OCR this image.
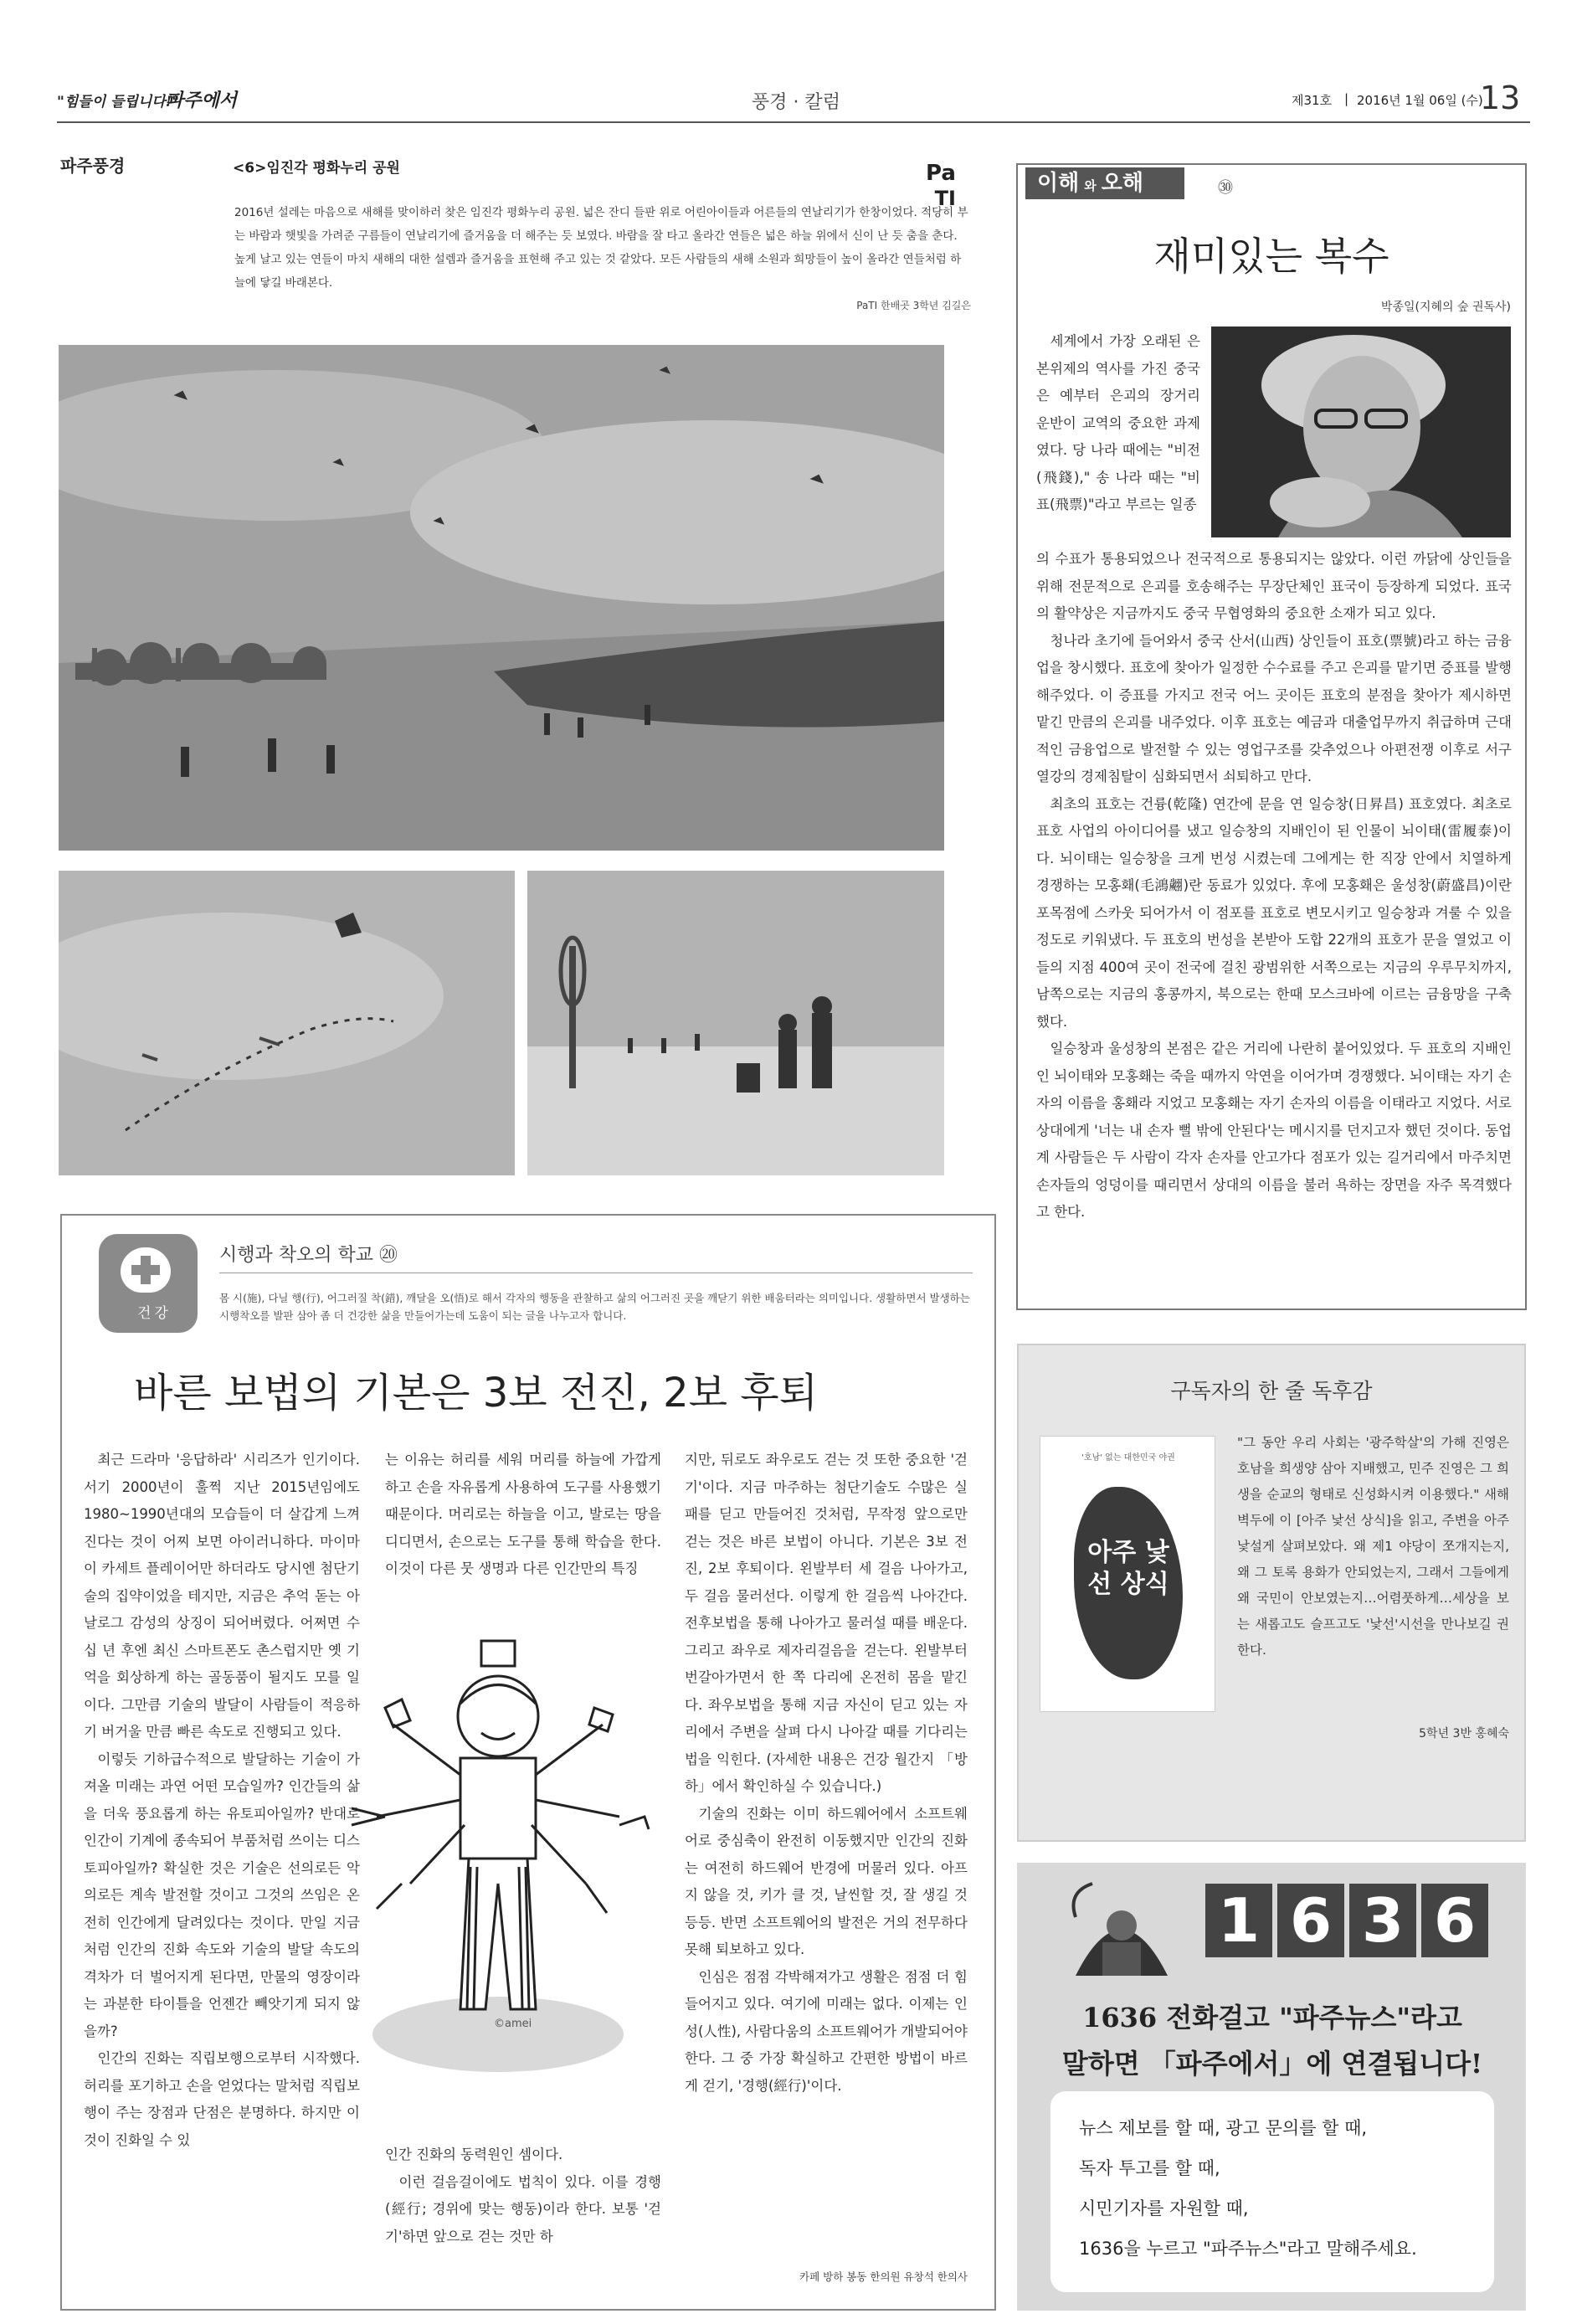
"힘들이 들립니다!"
파주에서	풍경 · 칼럼	제31호 | 2016년 1월 06일 (수)
13
파주풍경	<6>임진각 평화누리 공원	Pa
TI
2016년 설레는 마음으로 새해를 맞이하러 찾은 임진각 평화누리 공원. 넓은 잔디 들판 위로 어린아이들과 어른들의 연날리기가 한창이었다. 적당히 부는 바람과 햇빛을 가려준 구름들이 연날리기에 즐거움을 더 해주는 듯 보였다. 바람을 잘 타고 올라간 연들은 넓은 하늘 위에서 신이 난 듯 춤을 춘다. 높게 날고 있는 연들이 마치 새해의 대한 설렘과 즐거움을 표현해 주고 있는 것 같았다. 모든 사람들의 새해 소원과 희망들이 높이 올라간 연들처럼 하늘에 닿길 바래본다.
PaTI 한배곳 3학년 김길은
이해 와 오해	㉚
재미있는 복수
박종일(지혜의 숲 권독사)
세계에서 가장 오래된 은본위제의 역사를 가진 중국은 예부터 은괴의 장거리 운반이 교역의 중요한 과제였다. 당 나라 때에는 "비전(飛錢)," 송 나라 때는 "비표(飛票)"라고 부르는 일종
의 수표가 통용되었으나 전국적으로 통용되지는 않았다. 이런 까닭에 상인들을 위해 전문적으로 은괴를 호송해주는 무장단체인 표국이 등장하게 되었다. 표국의 활약상은 지금까지도 중국 무협영화의 중요한 소재가 되고 있다.

청나라 초기에 들어와서 중국 산서(山西) 상인들이 표호(票號)라고 하는 금융업을 창시했다. 표호에 찾아가 일정한 수수료를 주고 은괴를 맡기면 증표를 발행해주었다. 이 증표를 가지고 전국 어느 곳이든 표호의 분점을 찾아가 제시하면 맡긴 만큼의 은괴를 내주었다. 이후 표호는 예금과 대출업무까지 취급하며 근대적인 금융업으로 발전할 수 있는 영업구조를 갖추었으나 아편전쟁 이후로 서구열강의 경제침탈이 심화되면서 쇠퇴하고 만다.

최초의 표호는 건륭(乾隆) 연간에 문을 연 일승창(日昇昌) 표호였다. 최초로 표호 사업의 아이디어를 냈고 일승창의 지배인이 된 인물이 뇌이태(雷履泰)이다. 뇌이태는 일승창을 크게 번성 시켰는데 그에게는 한 직장 안에서 치열하게 경쟁하는 모홍홰(毛鴻翽)란 동료가 있었다. 후에 모홍홰은 울성창(蔚盛昌)이란 포목점에 스카웃 되어가서 이 점포를 표호로 변모시키고 일승창과 겨룰 수 있을 정도로 키워냈다. 두 표호의 번성을 본받아 도합 22개의 표호가 문을 열었고 이들의 지점 400여 곳이 전국에 걸친 광범위한 서쪽으로는 지금의 우루무치까지, 남쪽으로는 지금의 홍콩까지, 북으로는 한때 모스크바에 이르는 금융망을 구축했다.

일승창과 울성창의 본점은 같은 거리에 나란히 붙어있었다. 두 표호의 지배인인 뇌이태와 모홍홰는 죽을 때까지 악연을 이어가며 경쟁했다. 뇌이태는 자기 손자의 이름을 홍홰라 지었고 모홍홰는 자기 손자의 이름을 이태라고 지었다. 서로 상대에게 '너는 내 손자 뻘 밖에 안된다'는 메시지를 던지고자 했던 것이다. 동업계 사람들은 두 사람이 각자 손자를 안고가다 점포가 있는 길거리에서 마주치면 손자들의 엉덩이를 때리면서 상대의 이름을 불러 욕하는 장면을 자주 목격했다고 한다.

건강
시행과 착오의 학교 ⑳
몸 시(施), 다닐 행(行), 어그러질 착(錯), 깨달을 오(悟)로 해서 각자의 행동을 관찰하고 삶의 어그러진 곳을 깨닫기 위한 배움터라는 의미입니다. 생활하면서 발생하는 시행착오를 발판 삼아 좀 더 건강한 삶을 만들어가는데 도움이 되는 글을 나누고자 합니다.
바른 보법의 기본은 3보 전진, 2보 후퇴

최근 드라마 '응답하라' 시리즈가 인기이다. 서기 2000년이 훌쩍 지난 2015년임에도 1980~1990년대의 모습들이 더 살갑게 느껴진다는 것이 어찌 보면 아이러니하다. 마이마이 카세트 플레이어만 하더라도 당시엔 첨단기술의 집약이었을 테지만, 지금은 추억 돋는 아날로그 감성의 상징이 되어버렸다. 어쩌면 수십 년 후엔 최신 스마트폰도 촌스럽지만 옛 기억을 회상하게 하는 골동품이 될지도 모를 일이다. 그만큼 기술의 발달이 사람들이 적응하기 버거울 만큼 빠른 속도로 진행되고 있다.

이렇듯 기하급수적으로 발달하는 기술이 가져올 미래는 과연 어떤 모습일까? 인간들의 삶을 더욱 풍요롭게 하는 유토피아일까? 반대로 인간이 기계에 종속되어 부품처럼 쓰이는 디스토피아일까? 확실한 것은 기술은 선의로든 악의로든 계속 발전할 것이고 그것의 쓰임은 온전히 인간에게 달려있다는 것이다. 만일 지금처럼 인간의 진화 속도와 기술의 발달 속도의 격차가 더 벌어지게 된다면, 만물의 영장이라는 과분한 타이틀을 언젠간 빼앗기게 되지 않을까?

인간의 진화는 직립보행으로부터 시작했다. 허리를 포기하고 손을 얻었다는 말처럼 직립보행이 주는 장점과 단점은 분명하다. 하지만 이것이 진화일 수 있

는 이유는 허리를 세워 머리를 하늘에 가깝게 하고 손을 자유롭게 사용하여 도구를 사용했기 때문이다. 머리로는 하늘을 이고, 발로는 땅을 디디면서, 손으로는 도구를 통해 학습을 한다. 이것이 다른 뭇 생명과 다른 인간만의 특징
©amei
인간 진화의 동력원인 셈이다.

이런 걸음걸이에도 법칙이 있다. 이를 경행(經行; 경위에 맞는 행동)이라 한다. 보통 '걷기'하면 앞으로 걷는 것만 하

지만, 뒤로도 좌우로도 걷는 것 또한 중요한 '걷기'이다. 지금 마주하는 첨단기술도 수많은 실패를 딛고 만들어진 것처럼, 무작정 앞으로만 걷는 것은 바른 보법이 아니다. 기본은 3보 전진, 2보 후퇴이다. 왼발부터 세 걸음 나아가고, 두 걸음 물러선다. 이렇게 한 걸음씩 나아간다. 전후보법을 통해 나아가고 물러설 때를 배운다. 그리고 좌우로 제자리걸음을 걷는다. 왼발부터 번갈아가면서 한 쪽 다리에 온전히 몸을 맡긴다. 좌우보법을 통해 지금 자신이 딛고 있는 자리에서 주변을 살펴 다시 나아갈 때를 기다리는 법을 익힌다. (자세한 내용은 건강 월간지 「방하」에서 확인하실 수 있습니다.)

기술의 진화는 이미 하드웨어에서 소프트웨어로 중심축이 완전히 이동했지만 인간의 진화는 여전히 하드웨어 반경에 머물러 있다. 아프지 않을 것, 키가 클 것, 날씬할 것, 잘 생길 것 등등. 반면 소프트웨어의 발전은 거의 전무하다 못해 퇴보하고 있다.

인심은 점점 각박해져가고 생활은 점점 더 힘들어지고 있다. 여기에 미래는 없다. 이제는 인성(人性), 사람다움의 소프트웨어가 개발되어야 한다. 그 중 가장 확실하고 간편한 방법이 바르게 걷기, '경행(經行)'이다.

카페 방하 봉동 한의원 유창석 한의사
구독자의 한 줄 독후감
'호남' 없는 대한민국 야권
아주 낯선 상식
"그 동안 우리 사회는 '광주학살'의 가해 진영은 호남을 희생양 삼아 지배했고, 민주 진영은 그 희생을 순교의 형태로 신성화시켜 이용했다." 새해 벽두에 이 [아주 낯선 상식]을 읽고, 주변을 아주 낯설게 살펴보았다. 왜 제1 야당이 쪼개지는지, 왜 그 토록 용화가 안되었는지, 그래서 그들에게 왜 국민이 안보였는지…어렴풋하게…세상을 보는 새롭고도 슬프고도 '낯선'시선을 만나보길 권한다.
5학년 3반 홍혜숙
1 6 3 6
1636 전화걸고 "파주뉴스"라고
말하면 「파주에서」에 연결됩니다!
뉴스 제보를 할 때, 광고 문의를 할 때,
독자 투고를 할 때,
시민기자를 자원할 때,
1636을 누르고 "파주뉴스"라고 말해주세요.
